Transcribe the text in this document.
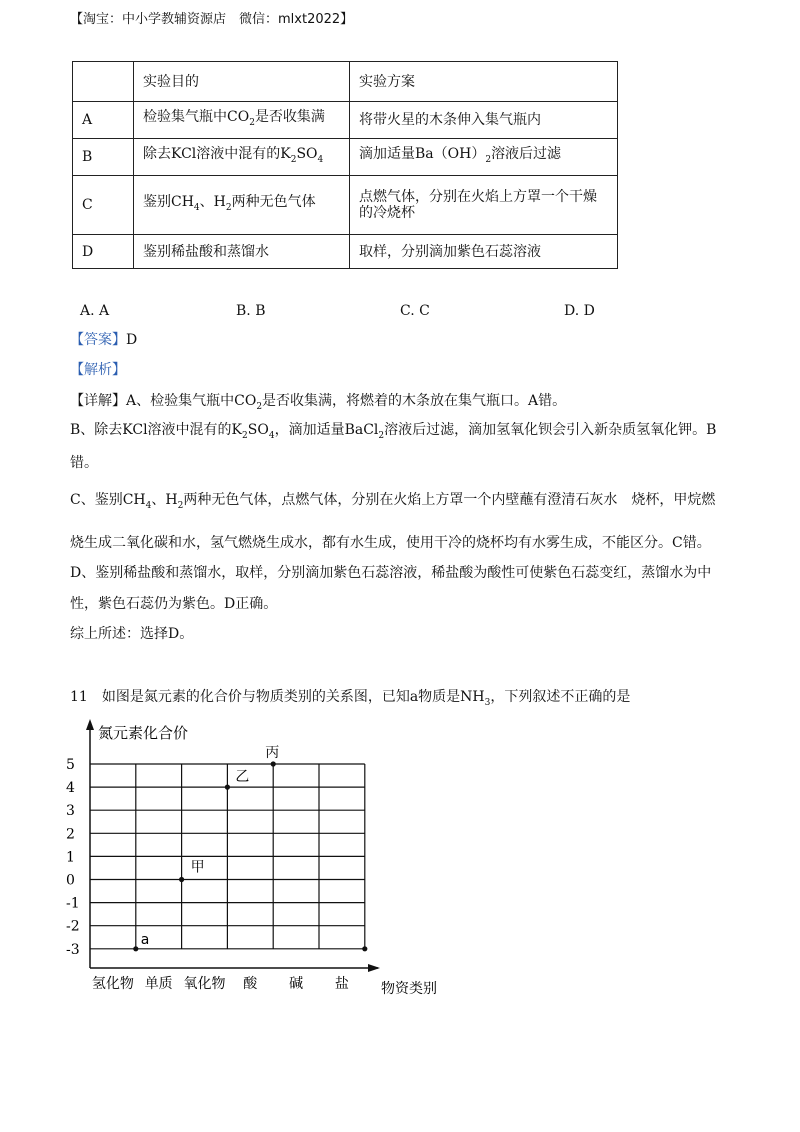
【淘宝：中小学教辅资源店　微信：mlxt2022】
	实验目的	实验方案
A	检验集气瓶中$CO_2$是否收集满	将带火星的木条伸入集气瓶内
B	除去KCl溶液中混有的$K_2SO_4$	滴加适量$Ba(OH)_2$溶液后过滤
C	鉴别$CH_4$、$H_2$两种无色气体	点燃气体，分别在火焰上方罩一个干燥
的冷烧杯
D	鉴别稀盐酸和蒸馏水	取样，分别滴加紫色石蕊溶液
A. A	B. B	C. C	D. D
【答案】D
【解析】
【详解】A、检验集气瓶中$CO_2$是否收集满，将燃着的木条放在集气瓶口。A错。
B、除去KCl溶液中混有的$K_2SO_4$，滴加适量BaCl$_2$溶液后过滤，滴加氢氧化钡会引入新杂质氢氧化钾。B
错。
C、鉴别$CH_4$、$H_2$两种无色气体，点燃气体，分别在火焰上方罩一个内壁蘸有澄清石灰水　烧杯，甲烷燃
烧生成二氧化碳和水，氢气燃烧生成水，都有水生成，使用干冷的烧杯均有水雾生成，不能区分。C错。
D、鉴别稀盐酸和蒸馏水，取样，分别滴加紫色石蕊溶液，稀盐酸为酸性可使紫色石蕊变红，蒸馏水为中
性，紫色石蕊仍为紫色。D正确。
综上所述：选择D。
11　如图是氮元素的化合价与物质类别的关系图，已知a物质是$NH_3$，下列叙述不正确的是
5
4
3
2
1
0
-1
-2
-3
氢化物 单质 氧化物 酸 碱 盐
a
甲
乙
丙
氮元素化合价
物资类别
